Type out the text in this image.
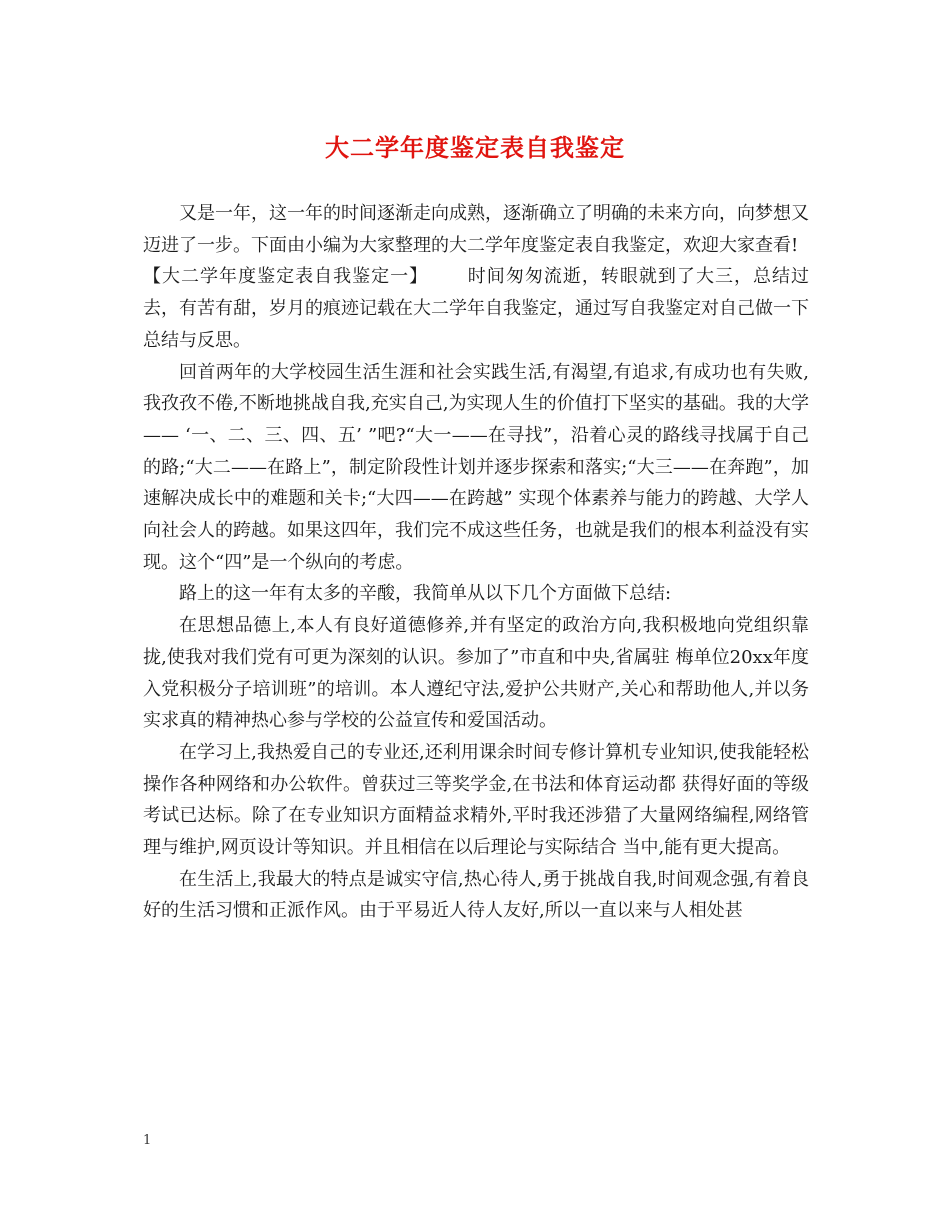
大二学年度鉴定表自我鉴定

又是一年，这一年的时间逐渐走向成熟，逐渐确立了明确的未来方向，向梦想又迈进了一步。下面由小编为大家整理的大二学年度鉴定表自我鉴定，欢迎大家查看!

【大二学年度鉴定表自我鉴定一】 时间匆匆流逝，转眼就到了大三，总结过去，有苦有甜，岁月的痕迹记载在大二学年自我鉴定，通过写自我鉴定对自己做一下总结与反思。

回首两年的大学校园生活生涯和社会实践生活,有渴望,有追求,有成功也有失败,我孜孜不倦,不断地挑战自我,充实自己,为实现人生的价值打下坚实的基础。我的大学—— ‘一、二、三、四、五’ ”吧?“大一——在寻找”，沿着心灵的路线寻找属于自己的路;“大二——在路上”，制定阶段性计划并逐步探索和落实;“大三——在奔跑”，加速解决成长中的难题和关卡;“大四——在跨越” 实现个体素养与能力的跨越、大学人向社会人的跨越。如果这四年，我们完不成这些任务，也就是我们的根本利益没有实现。这个“四”是一个纵向的考虑。

路上的这一年有太多的辛酸，我简单从以下几个方面做下总结:

在思想品德上,本人有良好道德修养,并有坚定的政治方向,我积极地向党组织靠拢,使我对我们党有可更为深刻的认识。参加了”市直和中央,省属驻 梅单位20xx年度入党积极分子培训班”的培训。本人遵纪守法,爱护公共财产,关心和帮助他人,并以务实求真的精神热心参与学校的公益宣传和爱国活动。

在学习上,我热爱自己的专业还,还利用课余时间专修计算机专业知识,使我能轻松操作各种网络和办公软件。曾获过三等奖学金,在书法和体育运动都 获得好面的等级考试已达标。除了在专业知识方面精益求精外,平时我还涉猎了大量网络编程,网络管理与维护,网页设计等知识。并且相信在以后理论与实际结合 当中,能有更大提高。

在生活上,我最大的特点是诚实守信,热心待人,勇于挑战自我,时间观念强,有着良好的生活习惯和正派作风。由于平易近人待人友好,所以一直以来与人相处甚

1
